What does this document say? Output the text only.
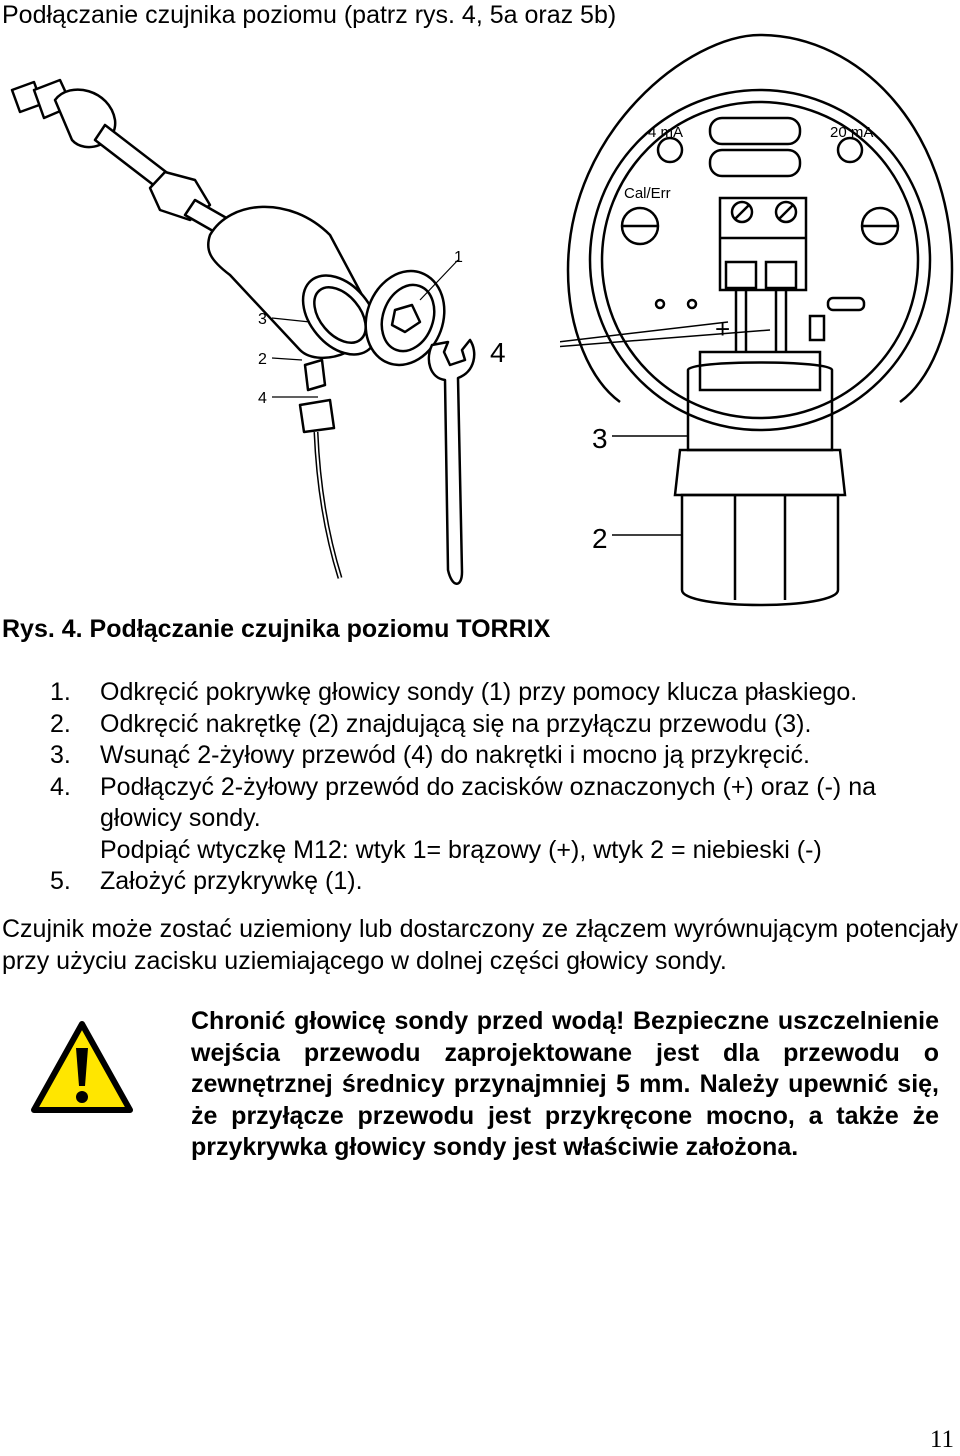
Podłączanie czujnika poziomu (patrz rys. 4, 5a oraz 5b)
1
3
2
4
4 mA	20 mA
Cal/Err
+
3
2
4
Rys. 4. Podłączanie czujnika poziomu TORRIX
1. Odkręcić pokrywkę głowicy sondy (1) przy pomocy klucza płaskiego.
2. Odkręcić nakrętkę (2) znajdującą się na przyłączu przewodu (3).
3. Wsunąć 2-żyłowy przewód (4) do nakrętki i mocno ją przykręcić.
4. Podłączyć 2-żyłowy przewód do zacisków oznaczonych (+) oraz (-) na głowicy sondy.
Podpiąć wtyczkę M12: wtyk 1= brązowy (+), wtyk 2 = niebieski (-)
5. Założyć przykrywkę (1).
Czujnik może zostać uziemiony lub dostarczony ze złączem wyrównującym potencjały przy użyciu zacisku uziemiającego w dolnej części głowicy sondy.
Chronić głowicę sondy przed wodą! Bezpieczne uszczelnienie wejścia przewodu zaprojektowane jest dla przewodu o zewnętrznej średnicy przynajmniej 5 mm. Należy upewnić się, że przyłącze przewodu jest przykręcone mocno, a także że przykrywka głowicy sondy jest właściwie założona.
11
